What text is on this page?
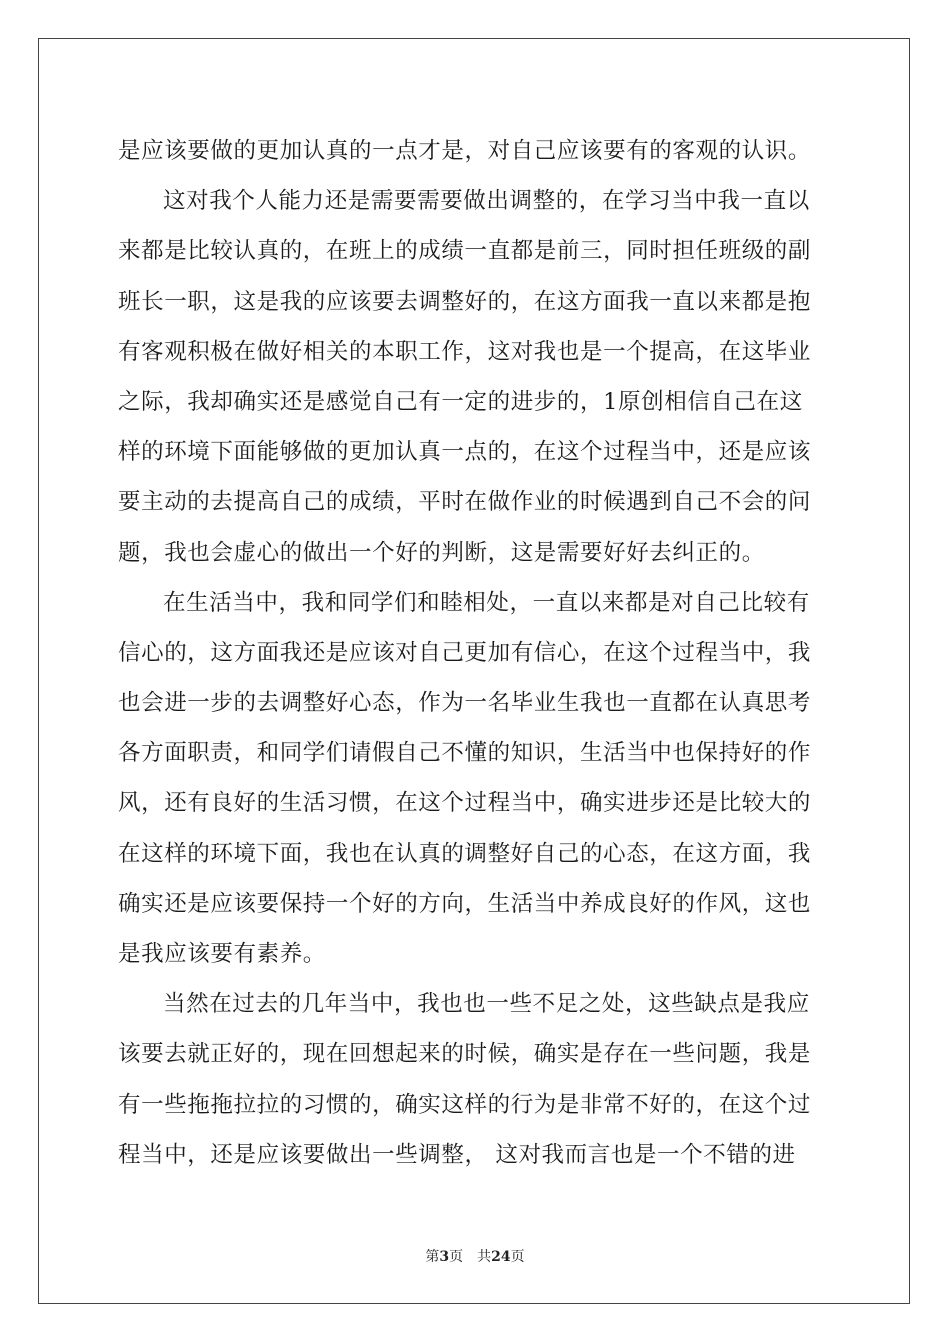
是应该要做的更加认真的一点才是，对自己应该要有的客观的认识。
这对我个人能力还是需要需要做出调整的，在学习当中我一直以
来都是比较认真的，在班上的成绩一直都是前三，同时担任班级的副
班长一职，这是我的应该要去调整好的，在这方面我一直以来都是抱
有客观积极在做好相关的本职工作，这对我也是一个提高，在这毕业
之际，我却确实还是感觉自己有一定的进步的，1原创相信自己在这
样的环境下面能够做的更加认真一点的，在这个过程当中，还是应该
要主动的去提高自己的成绩，平时在做作业的时候遇到自己不会的问
题，我也会虚心的做出一个好的判断，这是需要好好去纠正的。
在生活当中，我和同学们和睦相处，一直以来都是对自己比较有
信心的，这方面我还是应该对自己更加有信心，在这个过程当中，我
也会进一步的去调整好心态，作为一名毕业生我也一直都在认真思考
各方面职责，和同学们请假自己不懂的知识，生活当中也保持好的作
风，还有良好的生活习惯，在这个过程当中，确实进步还是比较大的
在这样的环境下面，我也在认真的调整好自己的心态，在这方面，我
确实还是应该要保持一个好的方向，生活当中养成良好的作风，这也
是我应该要有素养。
当然在过去的几年当中，我也也一些不足之处，这些缺点是我应
该要去就正好的，现在回想起来的时候，确实是存在一些问题，我是
有一些拖拖拉拉的习惯的，确实这样的行为是非常不好的，在这个过
程当中，还是应该要做出一些调整， 这对我而言也是一个不错的进
第3页 共24页
